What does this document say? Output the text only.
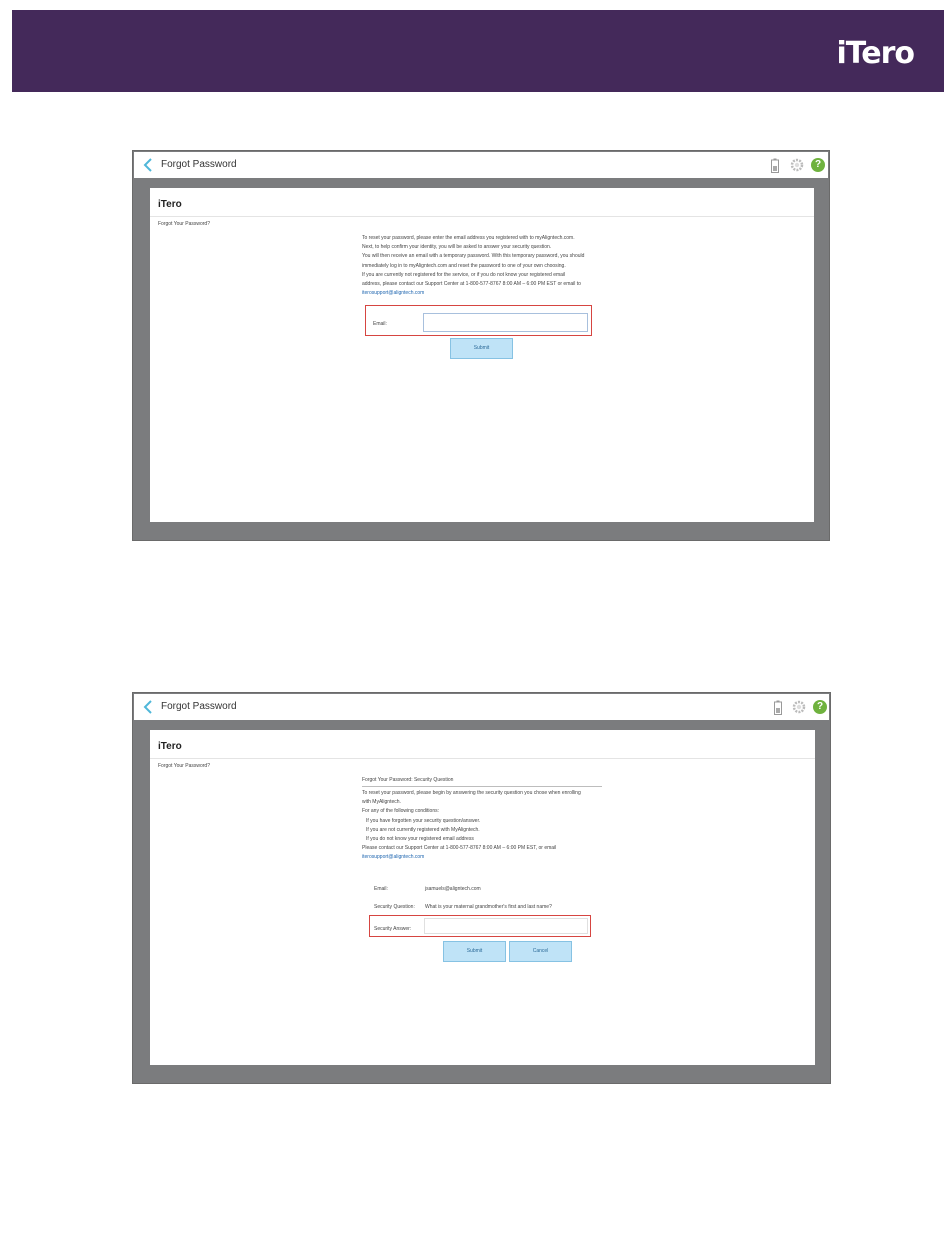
iTero
Forgot Password	?
iTero
Forgot Your Password?

To reset your password, please enter the email address you registered with to myAligntech.com.

Next, to help confirm your identity, you will be asked to answer your security question.

You will then receive an email with a temporary password. With this temporary password, you should

immediately log in to myAligntech.com and reset the password to one of your own choosing.

If you are currently not registered for the service, or if you do not know your registered email

address, please contact our Support Center at 1-800-577-8767 8:00 AM – 6:00 PM EST or email to

iterosupport@aligntech.com

Email:
Submit
Forgot Password	?
iTero
Forgot Your Password?
Forgot Your Password: Security Question

To reset your password, please begin by answering the security question you chose when enrolling

with MyAligntech.

For any of the following conditions:

If you have forgotten your security question/answer.

If you are not currently registered with MyAligntech.

If you do not know your registered email address

Please contact our Support Center at 1-800-577-8767 8:00 AM – 6:00 PM EST, or email

iterosupport@aligntech.com

Email:	jsamuels@aligntech.com
Security Question: What is your maternal grandmother's first and last name?
Security Answer:
Submit	Cancel
